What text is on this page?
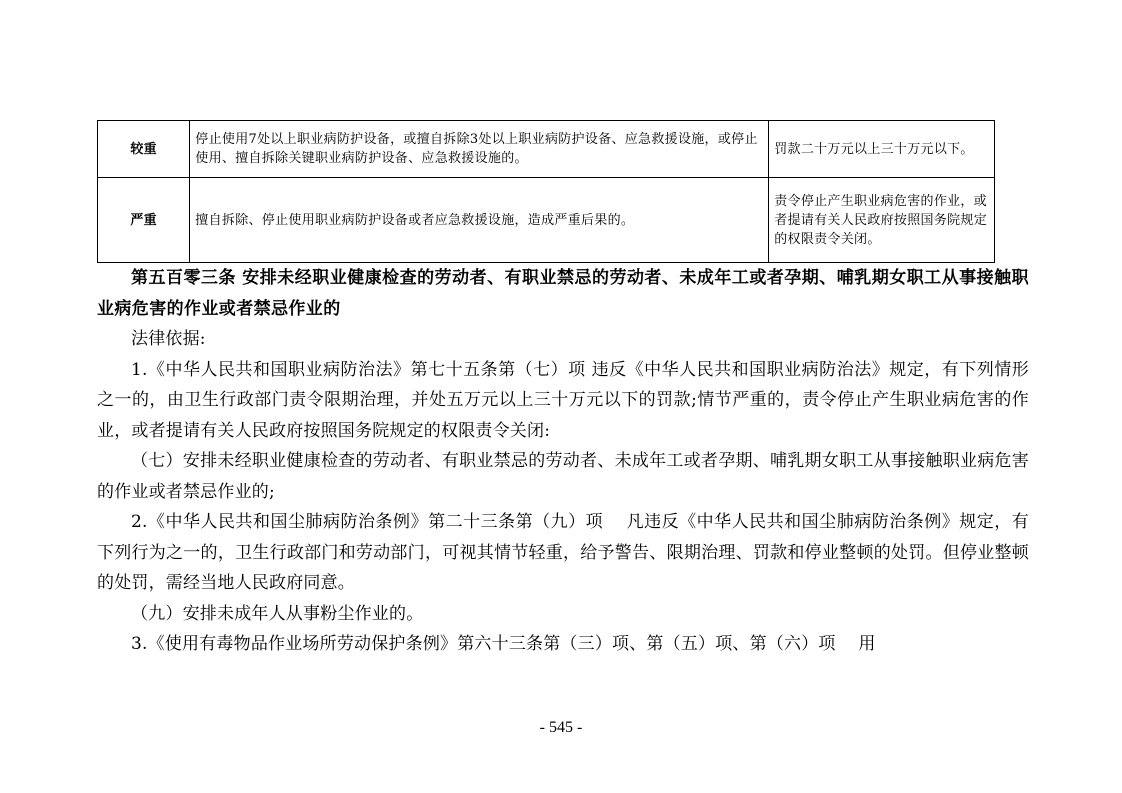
较重	停止使用7处以上职业病防护设备，或擅自拆除3处以上职业病防护设备、应急救援设施，或停止使用、擅自拆除关键职业病防护设备、应急救援设施的。	罚款二十万元以上三十万元以下。
严重	擅自拆除、停止使用职业病防护设备或者应急救援设施，造成严重后果的。	责令停止产生职业病危害的作业，或者提请有关人民政府按照国务院规定的权限责令关闭。

第五百零三条 安排未经职业健康检查的劳动者、有职业禁忌的劳动者、未成年工或者孕期、哺乳期女职工从事接触职业病危害的作业或者禁忌作业的

法律依据:

1.《中华人民共和国职业病防治法》第七十五条第（七）项 违反《中华人民共和国职业病防治法》规定，有下列情形之一的，由卫生行政部门责令限期治理，并处五万元以上三十万元以下的罚款;情节严重的，责令停止产生职业病危害的作业，或者提请有关人民政府按照国务院规定的权限责令关闭:

（七）安排未经职业健康检查的劳动者、有职业禁忌的劳动者、未成年工或者孕期、哺乳期女职工从事接触职业病危害的作业或者禁忌作业的;

2.《中华人民共和国尘肺病防治条例》第二十三条第（九）项　 凡违反《中华人民共和国尘肺病防治条例》规定，有下列行为之一的，卫生行政部门和劳动部门，可视其情节轻重，给予警告、限期治理、罚款和停业整顿的处罚。但停业整顿的处罚，需经当地人民政府同意。

（九）安排未成年人从事粉尘作业的。

3.《使用有毒物品作业场所劳动保护条例》第六十三条第（三）项、第（五）项、第（六）项　 用

- 545 -
